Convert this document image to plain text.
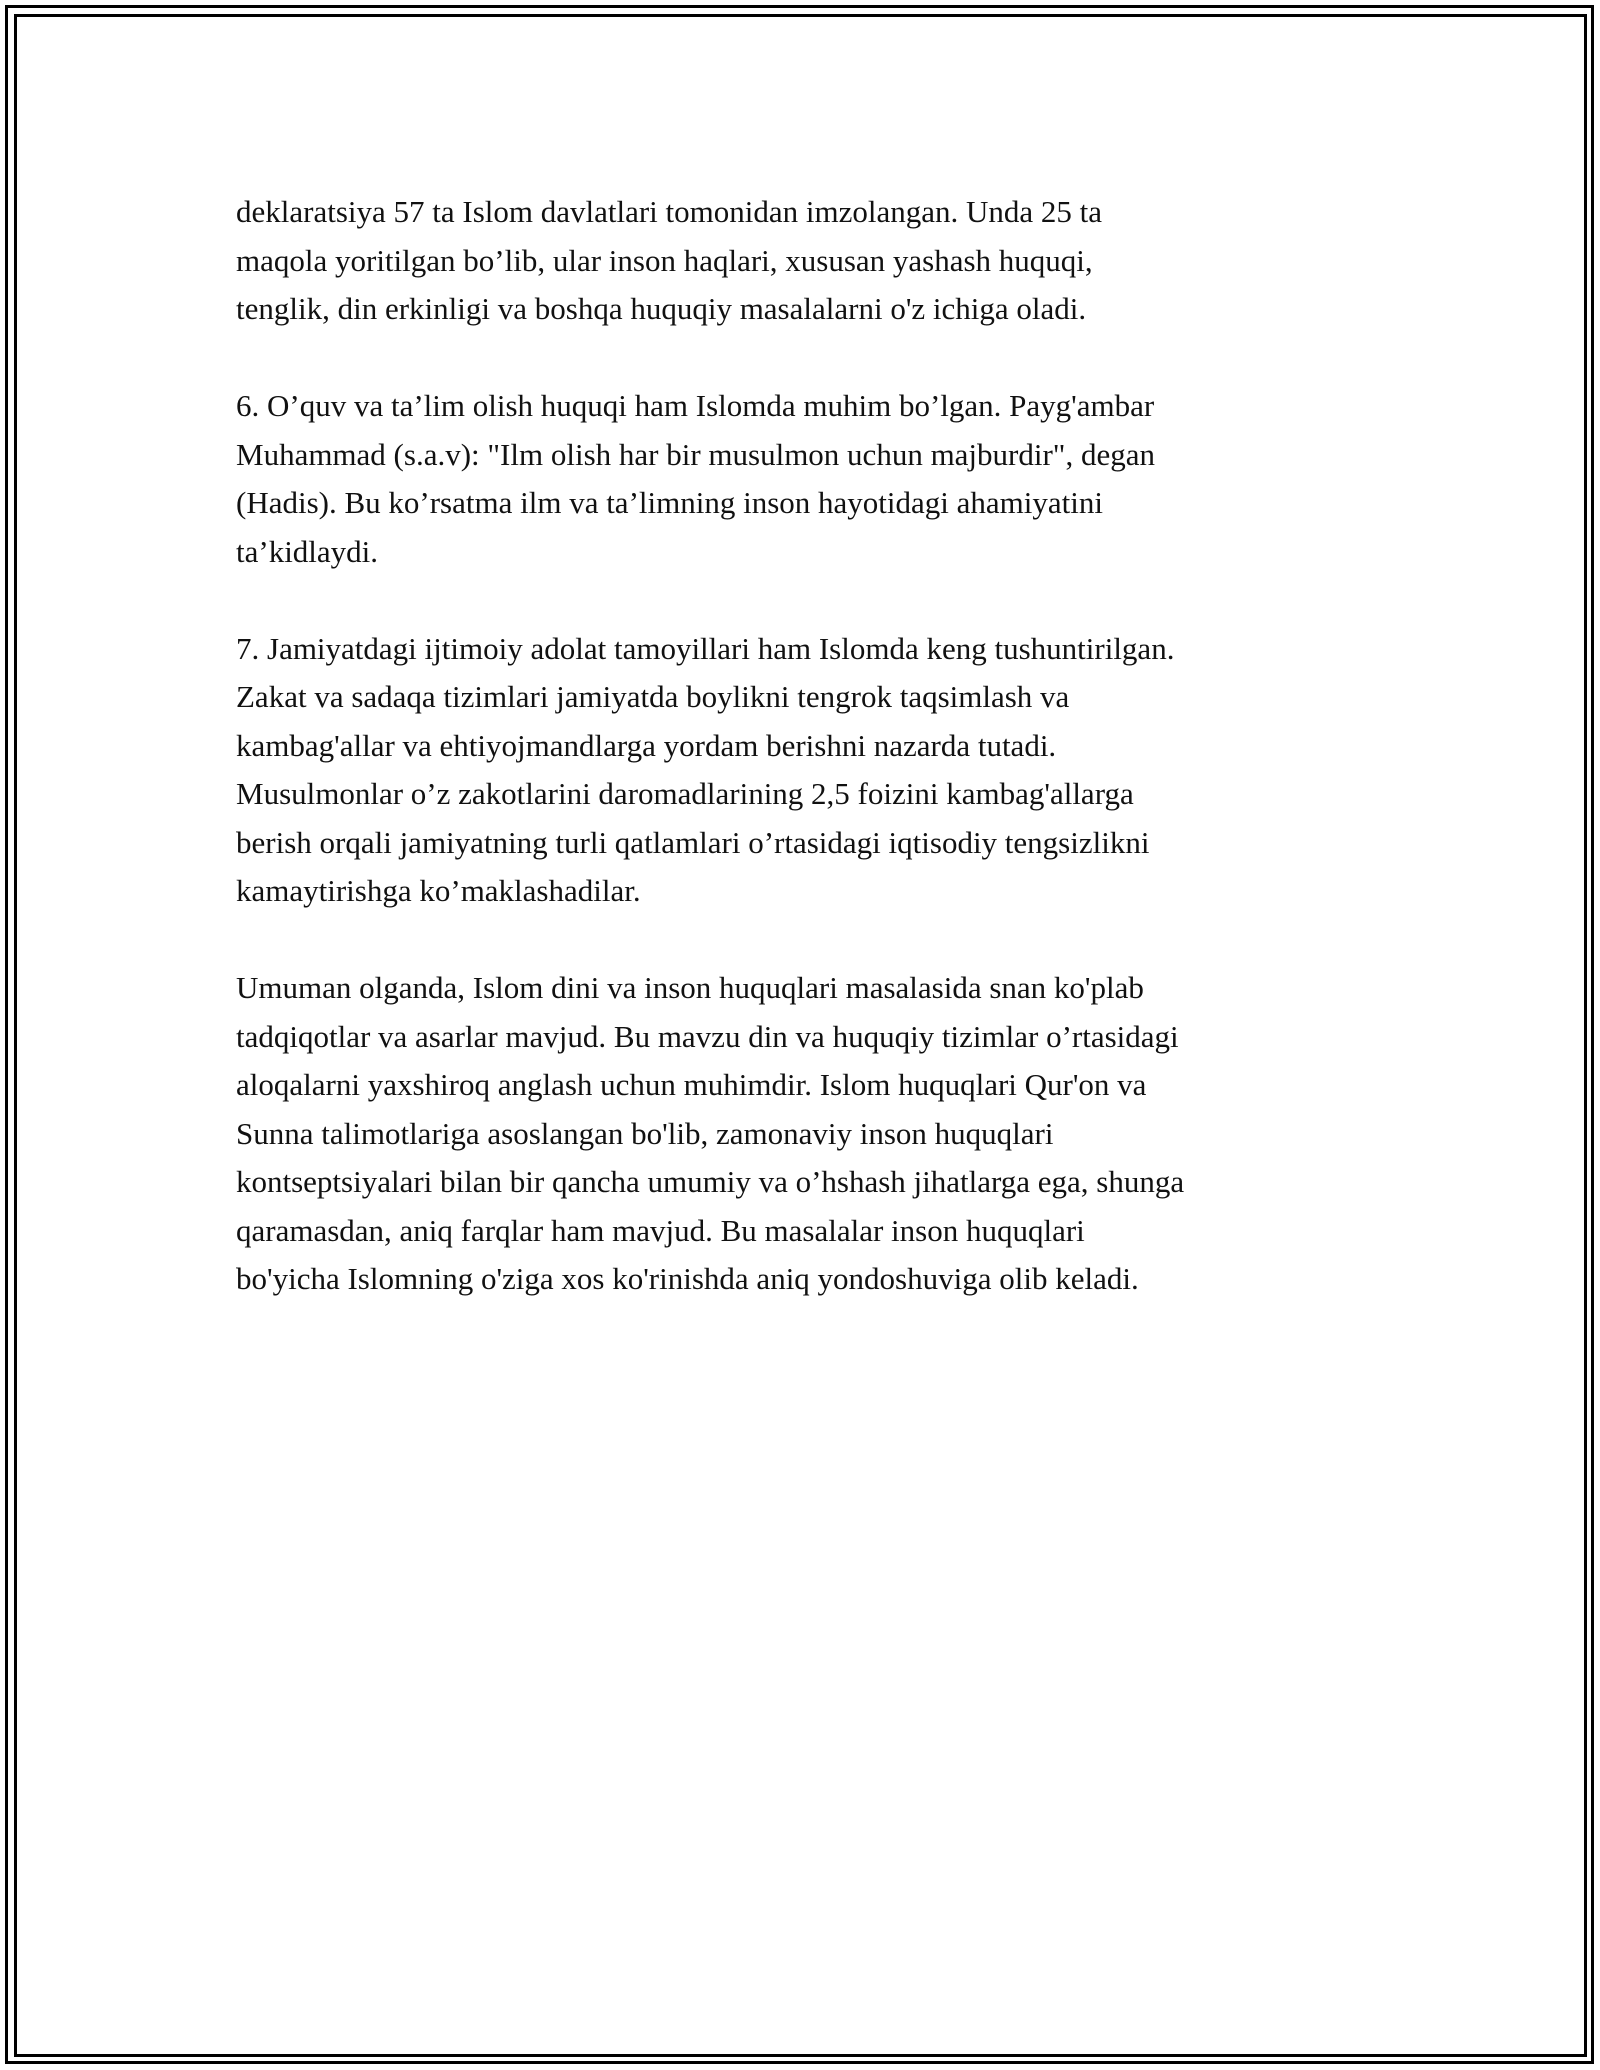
deklaratsiya 57 ta Islom davlatlari tomonidan imzolangan. Unda 25 ta
maqola yoritilgan bo’lib, ular inson haqlari, xususan yashash huquqi,
tenglik, din erkinligi va boshqa huquqiy masalalarni o'z ichiga oladi.
6. O’quv va ta’lim olish huquqi ham Islomda muhim bo’lgan. Payg'ambar
Muhammad (s.a.v): "Ilm olish har bir musulmon uchun majburdir", degan
(Hadis). Bu ko’rsatma ilm va ta’limning inson hayotidagi ahamiyatini
ta’kidlaydi.
7. Jamiyatdagi ijtimoiy adolat tamoyillari ham Islomda keng tushuntirilgan.
Zakat va sadaqa tizimlari jamiyatda boylikni tengrok taqsimlash va
kambag'allar va ehtiyojmandlarga yordam berishni nazarda tutadi.
Musulmonlar o’z zakotlarini daromadlarining 2,5 foizini kambag'allarga
berish orqali jamiyatning turli qatlamlari o’rtasidagi iqtisodiy tengsizlikni
kamaytirishga ko’maklashadilar.
Umuman olganda, Islom dini va inson huquqlari masalasida snan ko'plab
tadqiqotlar va asarlar mavjud. Bu mavzu din va huquqiy tizimlar o’rtasidagi
aloqalarni yaxshiroq anglash uchun muhimdir. Islom huquqlari Qur'on va
Sunna talimotlariga asoslangan bo'lib, zamonaviy inson huquqlari
kontseptsiyalari bilan bir qancha umumiy va o’hshash jihatlarga ega, shunga
qaramasdan, aniq farqlar ham mavjud. Bu masalalar inson huquqlari
bo'yicha Islomning o'ziga xos ko'rinishda aniq yondoshuviga olib keladi.
